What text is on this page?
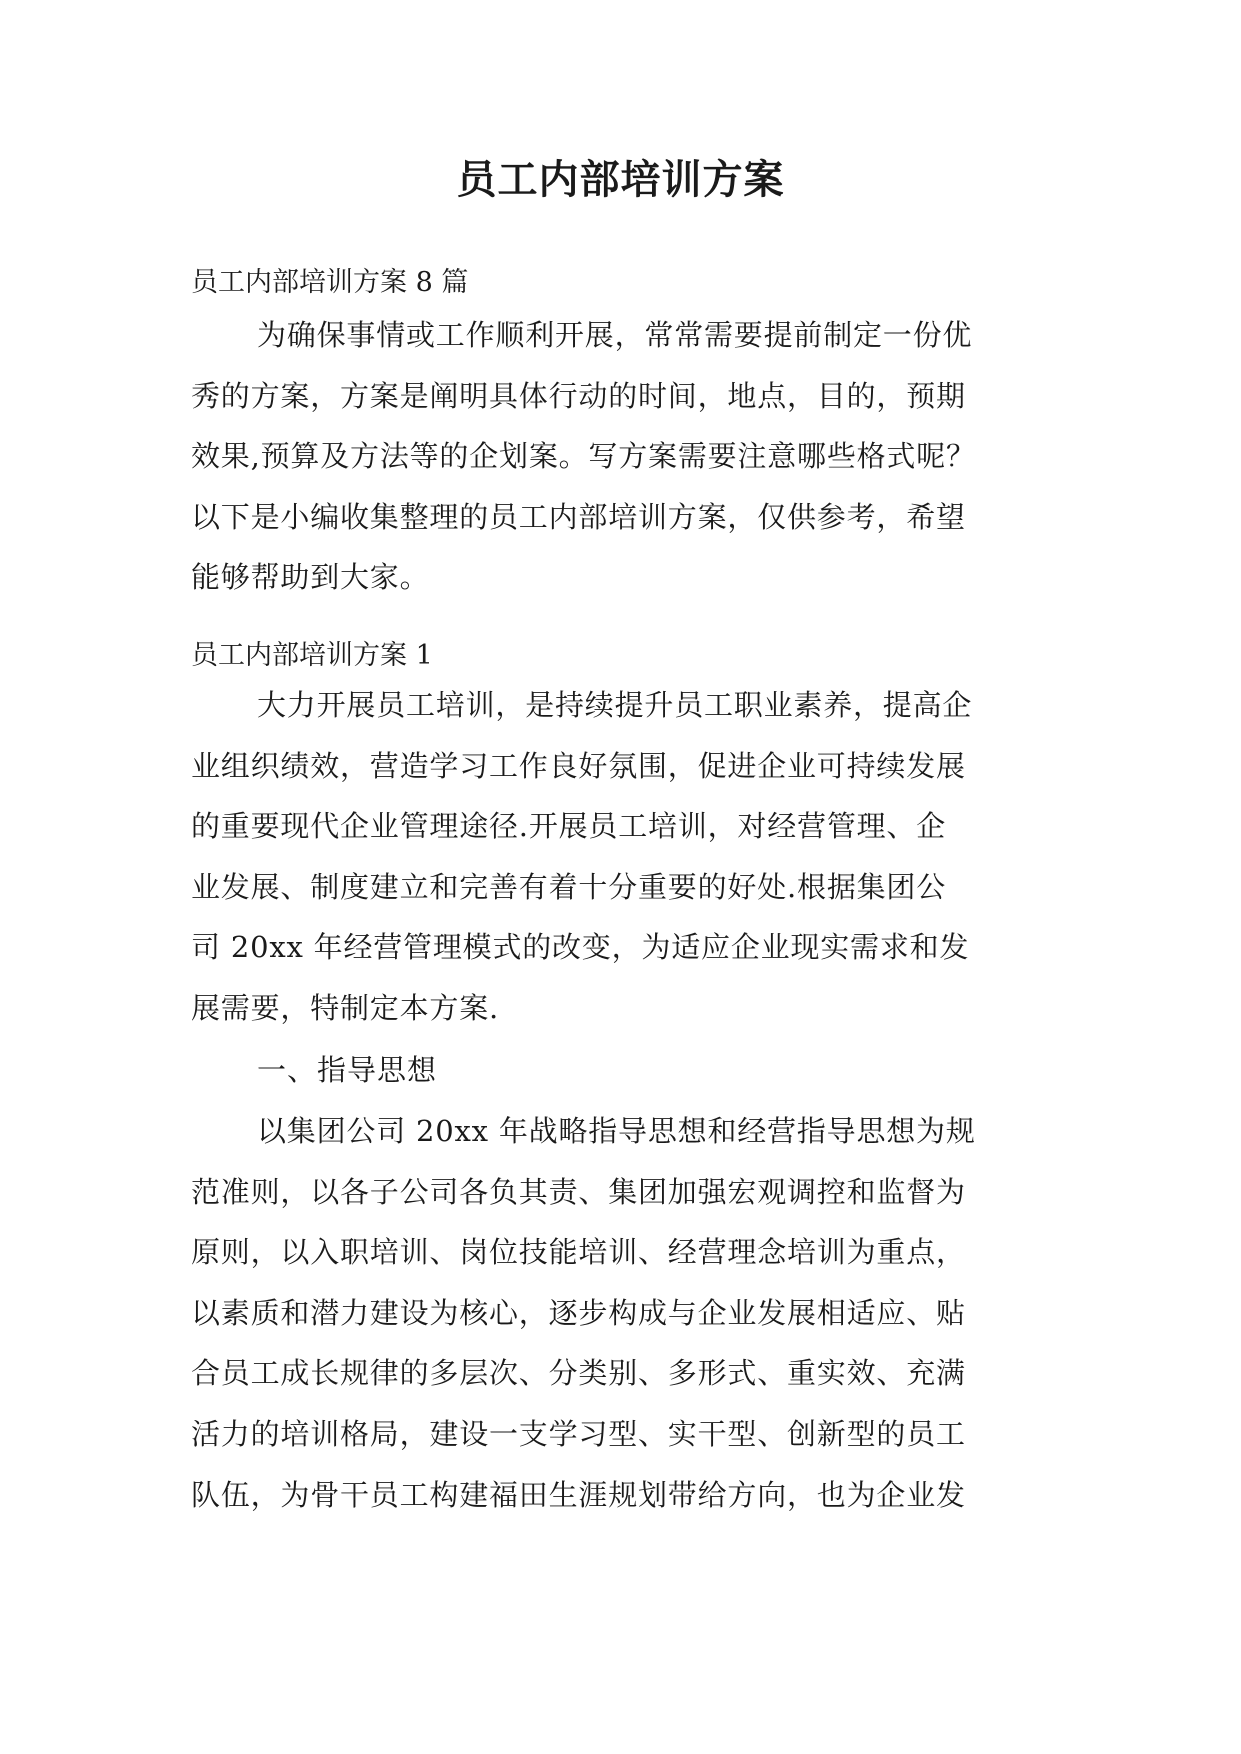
员工内部培训方案

员工内部培训方案 8 篇

为确保事情或工作顺利开展，常常需要提前制定一份优
秀的方案，方案是阐明具体行动的时间，地点，目的，预期
效果,预算及方法等的企划案。写方案需要注意哪些格式呢？
以下是小编收集整理的员工内部培训方案，仅供参考，希望
能够帮助到大家。

员工内部培训方案 1

大力开展员工培训，是持续提升员工职业素养，提高企
业组织绩效，营造学习工作良好氛围，促进企业可持续发展
的重要现代企业管理途径.开展员工培训，对经营管理、企
业发展、制度建立和完善有着十分重要的好处.根据集团公
司 20xx 年经营管理模式的改变，为适应企业现实需求和发
展需要，特制定本方案.

一、指导思想

以集团公司 20xx 年战略指导思想和经营指导思想为规
范准则，以各子公司各负其责、集团加强宏观调控和监督为
原则，以入职培训、岗位技能培训、经营理念培训为重点，
以素质和潜力建设为核心，逐步构成与企业发展相适应、贴
合员工成长规律的多层次、分类别、多形式、重实效、充满
活力的培训格局，建设一支学习型、实干型、创新型的员工
队伍，为骨干员工构建福田生涯规划带给方向，也为企业发
